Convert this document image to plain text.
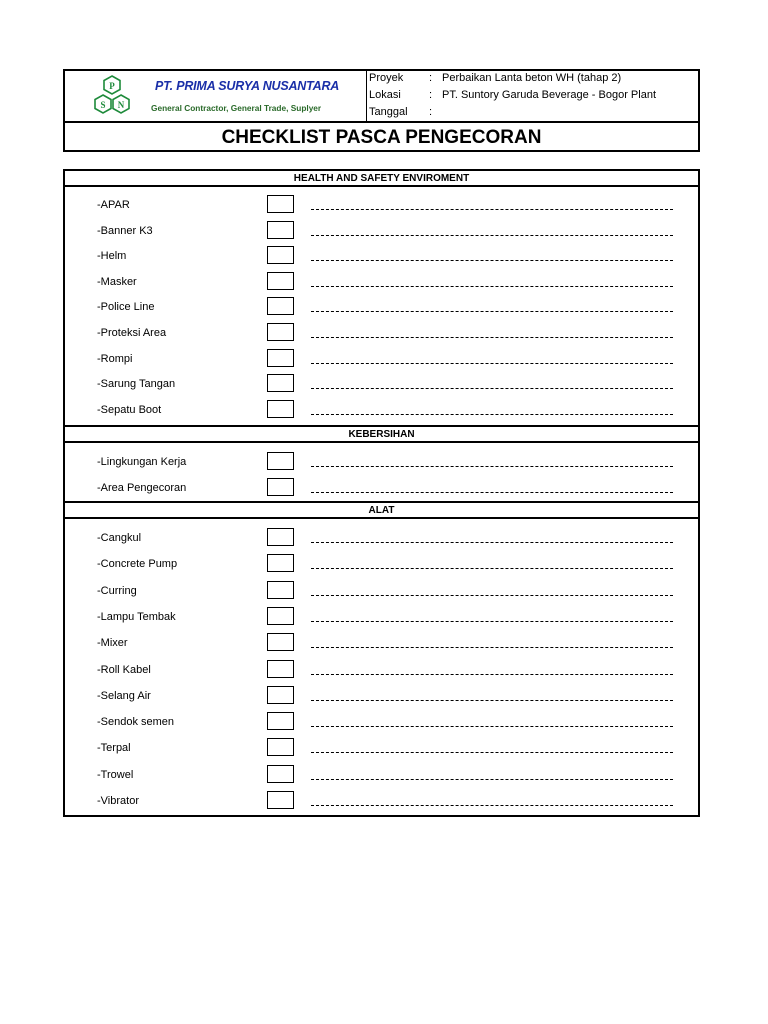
P
S N
PT. PRIMA SURYA NUSANTARA
General Contractor, General Trade, Suplyer
Proyek : Perbaikan Lanta beton WH (tahap 2)
Lokasi	: PT. Suntory Garuda Beverage - Bogor Plant
Tanggal :
CHECKLIST PASCA PENGECORAN
HEALTH AND SAFETY ENVIROMENT
-APAR
-Banner K3
-Helm
-Masker
-Police Line
-Proteksi Area
-Rompi
-Sarung Tangan
-Sepatu Boot
KEBERSIHAN
-Lingkungan Kerja
-Area Pengecoran
ALAT
-Cangkul
-Concrete Pump
-Curring
-Lampu Tembak
-Mixer
-Roll Kabel
-Selang Air
-Sendok semen
-Terpal
-Trowel
-Vibrator
